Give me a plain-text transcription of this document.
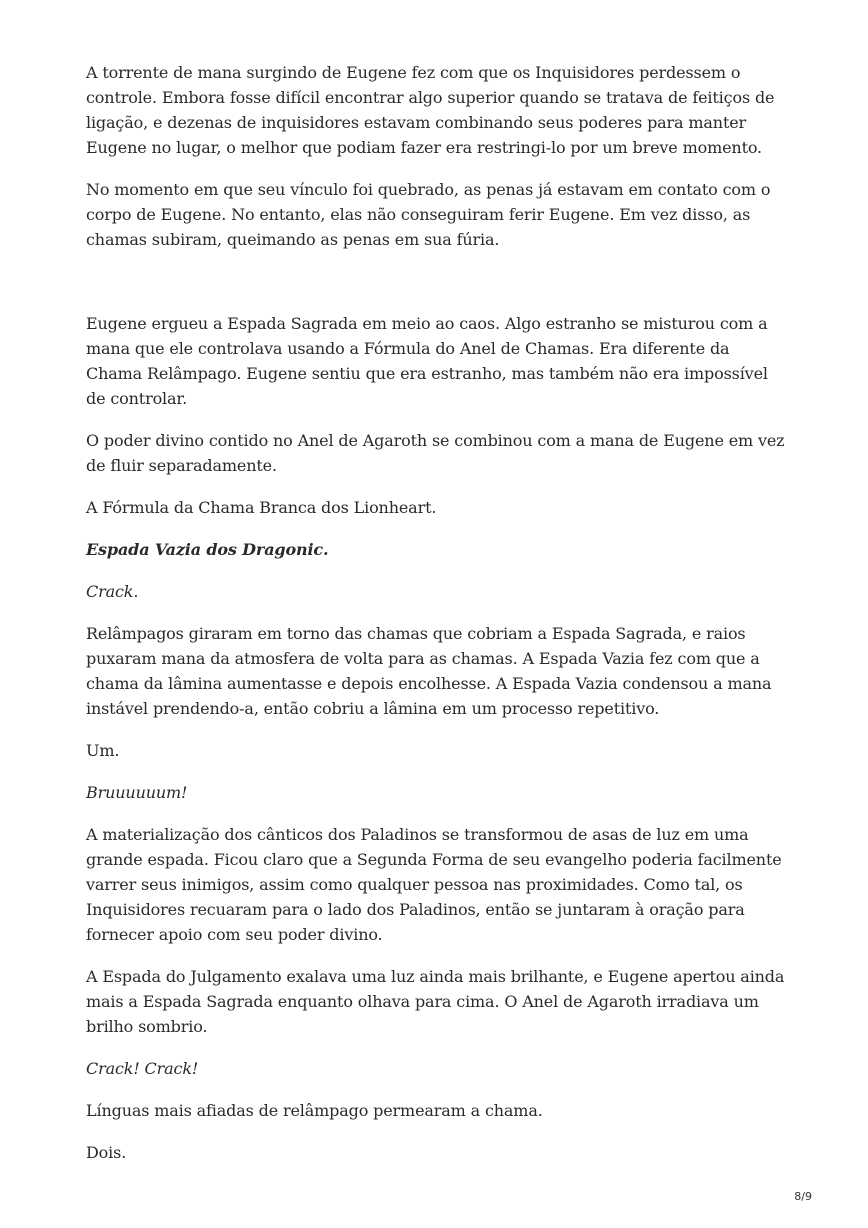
A torrente de mana surgindo de Eugene fez com que os Inquisidores perdessem o controle. Embora fosse difícil encontrar algo superior quando se tratava de feitiços de ligação, e dezenas de inquisidores estavam combinando seus poderes para manter Eugene no lugar, o melhor que podiam fazer era restringi-lo por um breve momento.

No momento em que seu vínculo foi quebrado, as penas já estavam em contato com o corpo de Eugene. No entanto, elas não conseguiram ferir Eugene. Em vez disso, as chamas subiram, queimando as penas em sua fúria.

Eugene ergueu a Espada Sagrada em meio ao caos. Algo estranho se misturou com a mana que ele controlava usando a Fórmula do Anel de Chamas. Era diferente da Chama Relâmpago. Eugene sentiu que era estranho, mas também não era impossível de controlar.

O poder divino contido no Anel de Agaroth se combinou com a mana de Eugene em vez de fluir separadamente.

A Fórmula da Chama Branca dos Lionheart.

Espada Vazia dos Dragonic.

Crack.

Relâmpagos giraram em torno das chamas que cobriam a Espada Sagrada, e raios puxaram mana da atmosfera de volta para as chamas. A Espada Vazia fez com que a chama da lâmina aumentasse e depois encolhesse. A Espada Vazia condensou a mana instável prendendo-a, então cobriu a lâmina em um processo repetitivo.

Um.

Bruuuuuum!

A materialização dos cânticos dos Paladinos se transformou de asas de luz em uma grande espada. Ficou claro que a Segunda Forma de seu evangelho poderia facilmente varrer seus inimigos, assim como qualquer pessoa nas proximidades. Como tal, os Inquisidores recuaram para o lado dos Paladinos, então se juntaram à oração para fornecer apoio com seu poder divino.

A Espada do Julgamento exalava uma luz ainda mais brilhante, e Eugene apertou ainda mais a Espada Sagrada enquanto olhava para cima. O Anel de Agaroth irradiava um brilho sombrio.

Crack! Crack!

Línguas mais afiadas de relâmpago permearam a chama.

Dois.

8/9
